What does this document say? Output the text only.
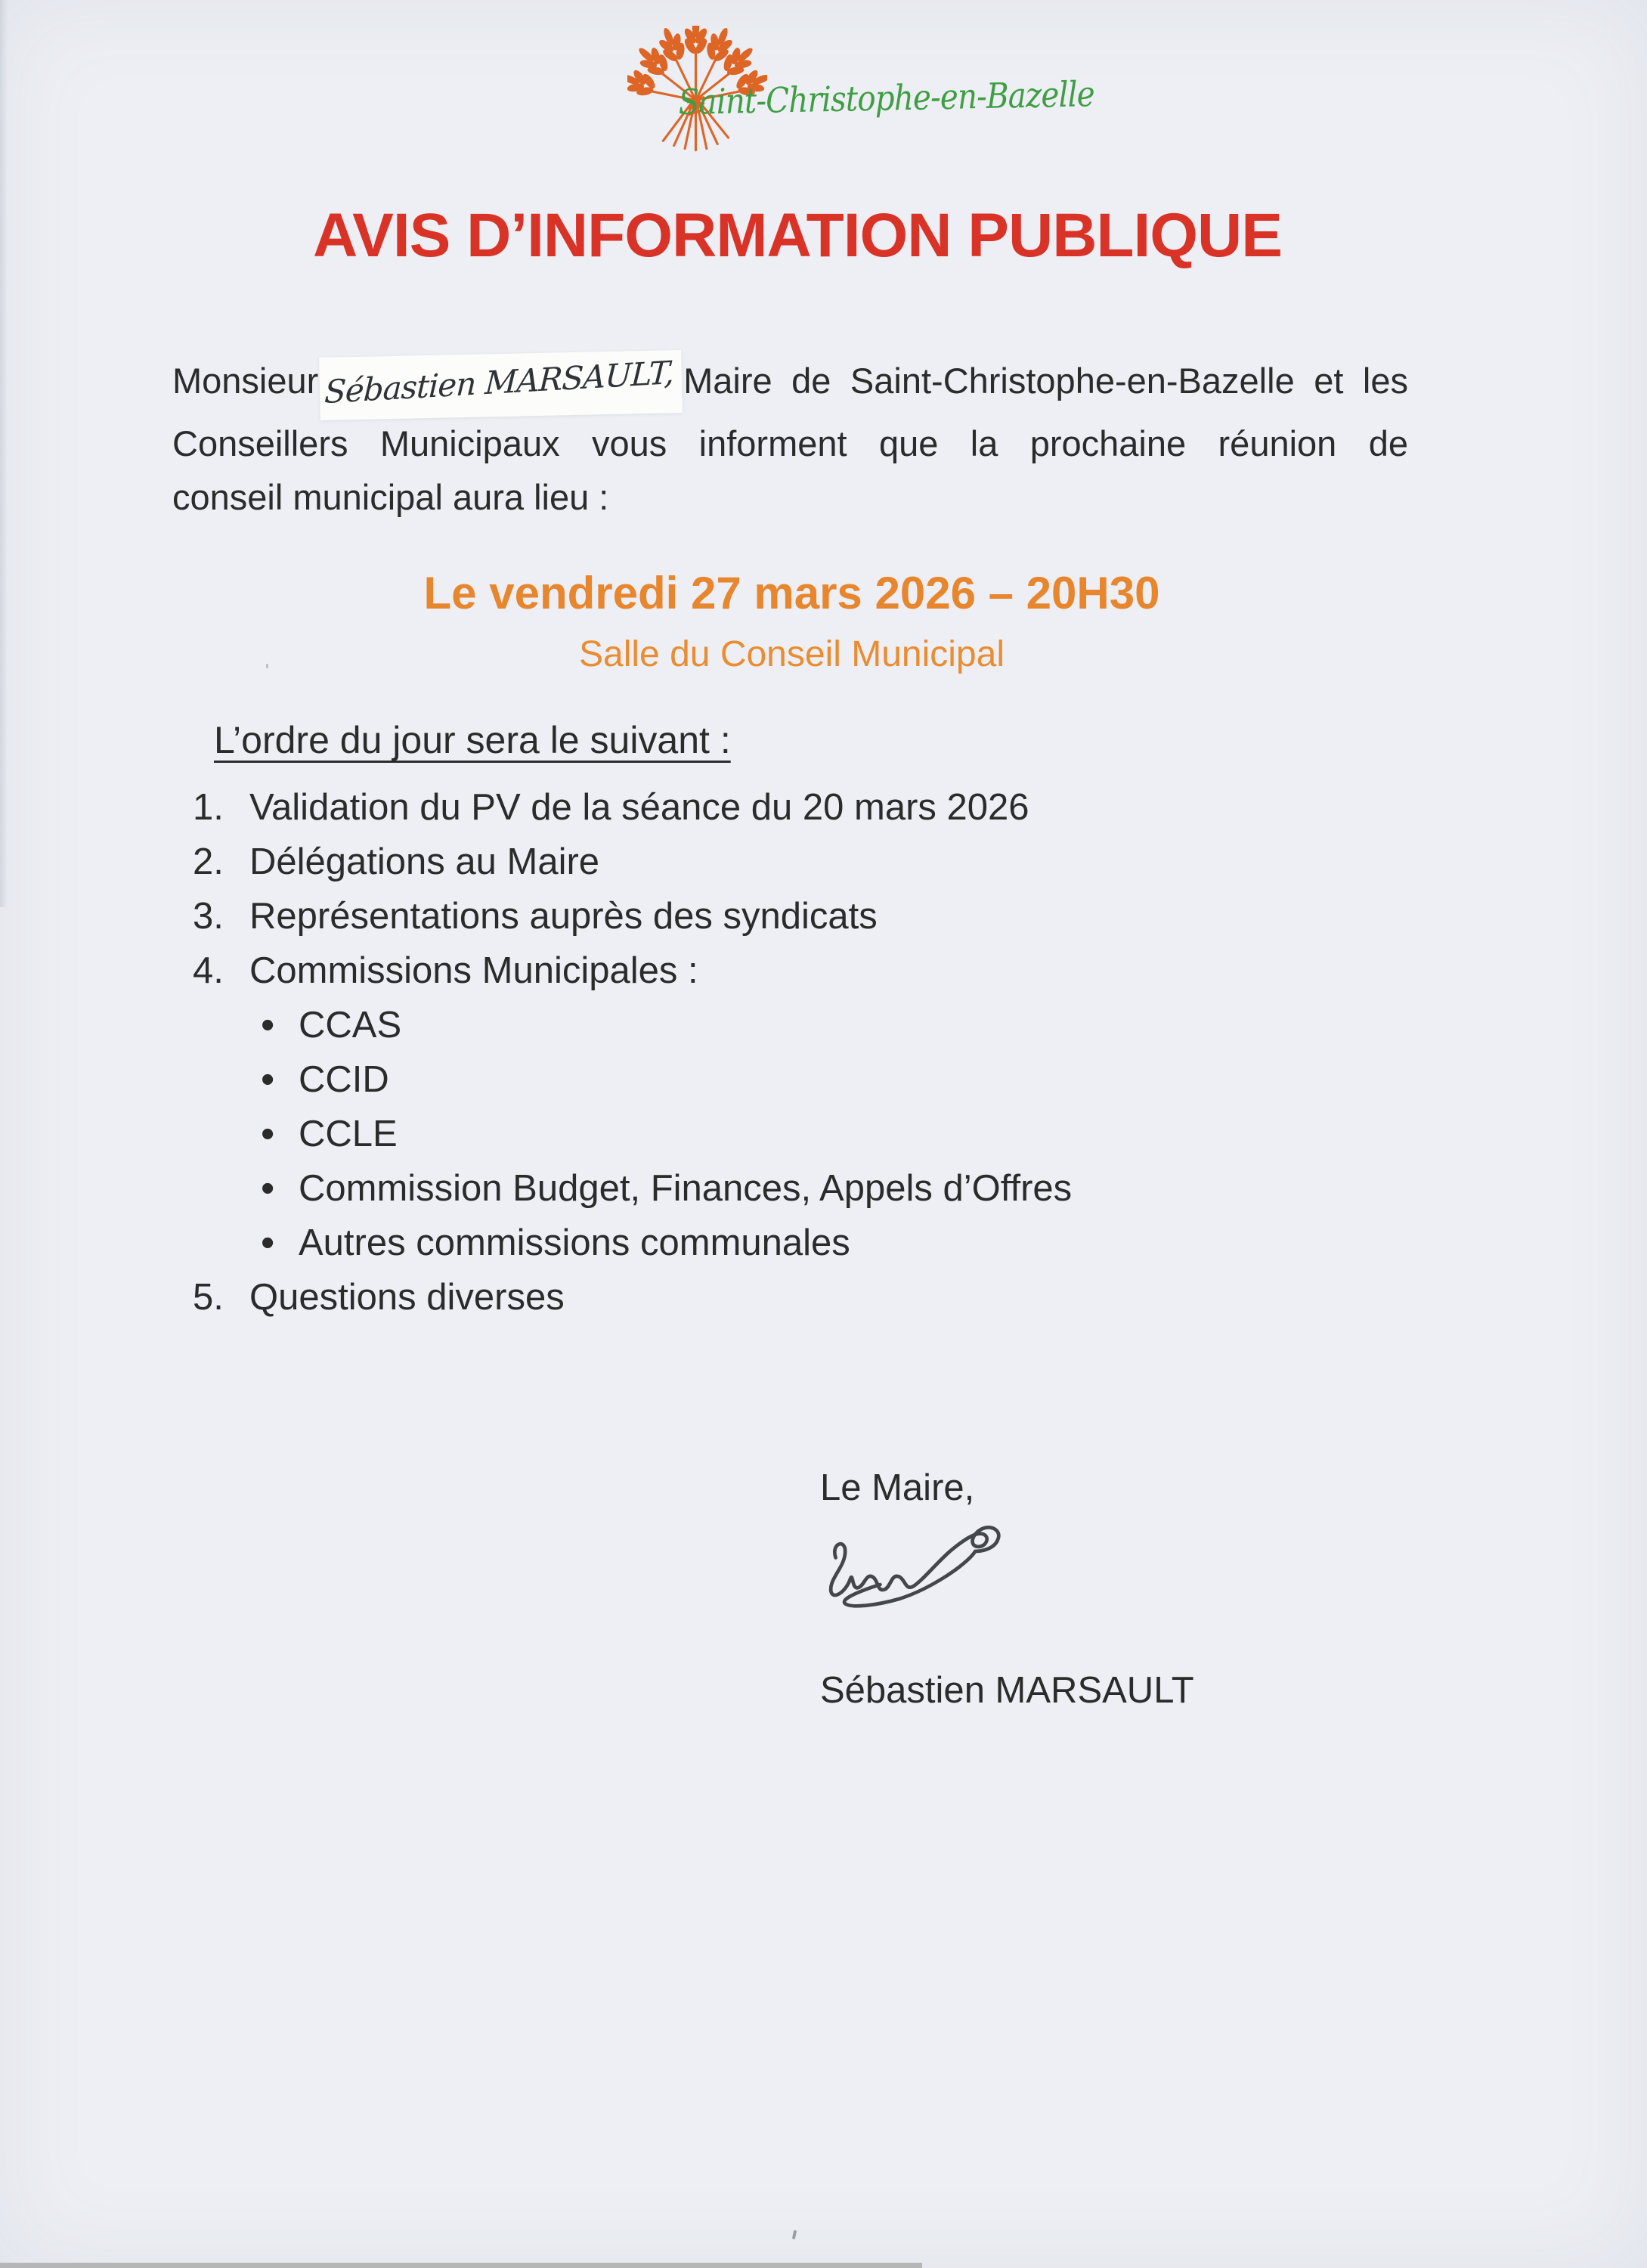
Saint-Christophe-en-Bazelle
AVIS D’INFORMATION PUBLIQUE
Monsieur Sébastien MARSAULT, Maire de Saint-Christophe-en-Bazelle et les
Conseillers Municipaux vous informent que la prochaine réunion de
conseil municipal aura lieu :
Le vendredi 27 mars 2026 – 20H30
Salle du Conseil Municipal
L’ordre du jour sera le suivant :
1. Validation du PV de la séance du 20 mars 2026
2. Délégations au Maire
3. Représentations auprès des syndicats
4. Commissions Municipales :
• CCAS
• CCID
• CCLE
• Commission Budget, Finances, Appels d’Offres
• Autres commissions communales
5. Questions diverses
Le Maire,
Sébastien MARSAULT
